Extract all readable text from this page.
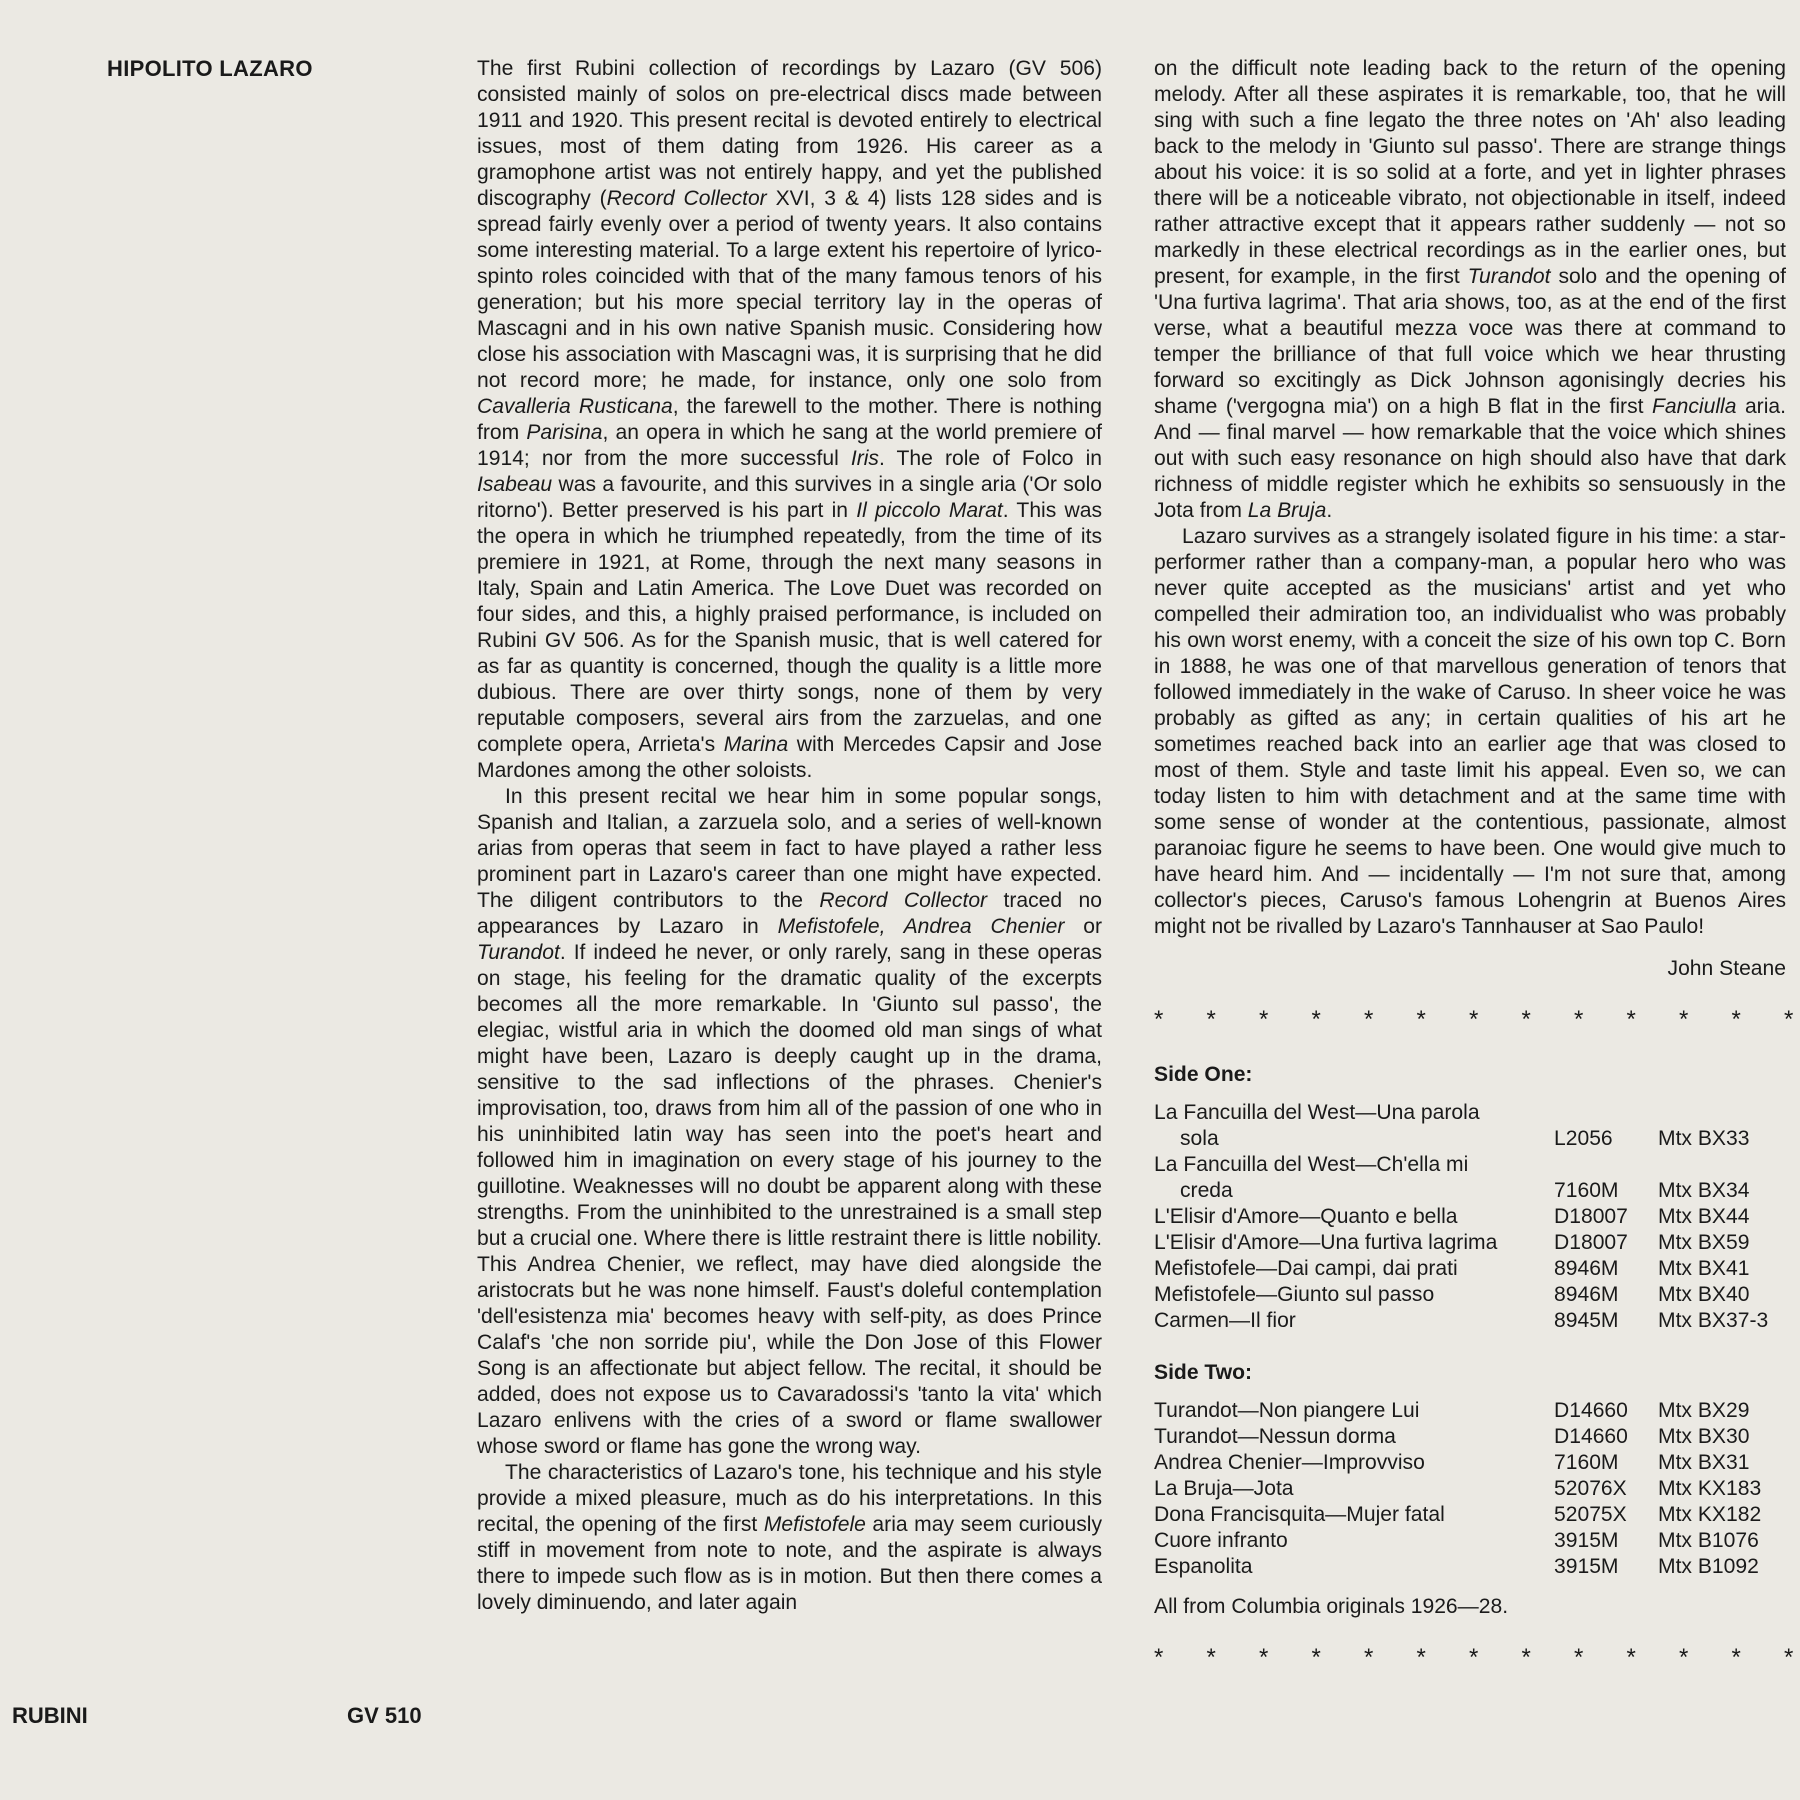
HIPOLITO LAZARO
RUBINI	GV 510

The first Rubini collection of recordings by Lazaro (GV 506) consisted mainly of solos on pre-electrical discs made between 1911 and 1920. This present recital is devoted entirely to electrical issues, most of them dating from 1926. His career as a gramophone artist was not entirely happy, and yet the published discography (Record Collector XVI, 3 & 4) lists 128 sides and is spread fairly evenly over a period of twenty years. It also contains some interesting material. To a large extent his repertoire of lyrico-spinto roles coincided with that of the many famous tenors of his generation; but his more special territory lay in the operas of Mascagni and in his own native Spanish music. Considering how close his association with Mascagni was, it is surprising that he did not record more; he made, for instance, only one solo from Cavalleria Rusticana, the farewell to the mother. There is nothing from Parisina, an opera in which he sang at the world premiere of 1914; nor from the more successful Iris. The role of Folco in Isabeau was a favourite, and this survives in a single aria ('Or solo ritorno'). Better preserved is his part in Il piccolo Marat. This was the opera in which he triumphed repeatedly, from the time of its premiere in 1921, at Rome, through the next many seasons in Italy, Spain and Latin America. The Love Duet was recorded on four sides, and this, a highly praised performance, is included on Rubini GV 506. As for the Spanish music, that is well catered for as far as quantity is concerned, though the quality is a little more dubious. There are over thirty songs, none of them by very reputable composers, several airs from the zarzuelas, and one complete opera, Arrieta's Marina with Mercedes Capsir and Jose Mardones among the other soloists.

In this present recital we hear him in some popular songs, Spanish and Italian, a zarzuela solo, and a series of well-known arias from operas that seem in fact to have played a rather less prominent part in Lazaro's career than one might have expected. The diligent contributors to the Record Collector traced no appearances by Lazaro in Mefistofele, Andrea Chenier or Turandot. If indeed he never, or only rarely, sang in these operas on stage, his feeling for the dramatic quality of the excerpts becomes all the more remarkable. In 'Giunto sul passo', the elegiac, wistful aria in which the doomed old man sings of what might have been, Lazaro is deeply caught up in the drama, sensitive to the sad inflections of the phrases. Chenier's improvisation, too, draws from him all of the passion of one who in his uninhibited latin way has seen into the poet's heart and followed him in imagination on every stage of his journey to the guillotine. Weaknesses will no doubt be apparent along with these strengths. From the uninhibited to the unrestrained is a small step but a crucial one. Where there is little restraint there is little nobility. This Andrea Chenier, we reflect, may have died alongside the aristocrats but he was none himself. Faust's doleful contemplation 'dell'esistenza mia' becomes heavy with self-pity, as does Prince Calaf's 'che non sorride piu', while the Don Jose of this Flower Song is an affectionate but abject fellow. The recital, it should be added, does not expose us to Cavaradossi's 'tanto la vita' which Lazaro enlivens with the cries of a sword or flame swallower whose sword or flame has gone the wrong way.

The characteristics of Lazaro's tone, his technique and his style provide a mixed pleasure, much as do his interpretations. In this recital, the opening of the first Mefistofele aria may seem curiously stiff in movement from note to note, and the aspirate is always there to impede such flow as is in motion. But then there comes a lovely diminuendo, and later again

on the difficult note leading back to the return of the opening melody. After all these aspirates it is remarkable, too, that he will sing with such a fine legato the three notes on 'Ah' also leading back to the melody in 'Giunto sul passo'. There are strange things about his voice: it is so solid at a forte, and yet in lighter phrases there will be a noticeable vibrato, not objectionable in itself, indeed rather attractive except that it appears rather suddenly — not so markedly in these electrical recordings as in the earlier ones, but present, for example, in the first Turandot solo and the opening of 'Una furtiva lagrima'. That aria shows, too, as at the end of the first verse, what a beautiful mezza voce was there at command to temper the brilliance of that full voice which we hear thrusting forward so excitingly as Dick Johnson agonisingly decries his shame ('vergogna mia') on a high B flat in the first Fanciulla aria. And — final marvel — how remarkable that the voice which shines out with such easy resonance on high should also have that dark richness of middle register which he exhibits so sensuously in the Jota from La Bruja.

Lazaro survives as a strangely isolated figure in his time: a star-performer rather than a company-man, a popular hero who was never quite accepted as the musicians' artist and yet who compelled their admiration too, an individualist who was probably his own worst enemy, with a conceit the size of his own top C. Born in 1888, he was one of that marvellous generation of tenors that followed immediately in the wake of Caruso. In sheer voice he was probably as gifted as any; in certain qualities of his art he sometimes reached back into an earlier age that was closed to most of them. Style and taste limit his appeal. Even so, we can today listen to him with detachment and at the same time with some sense of wonder at the contentious, passionate, almost paranoiac figure he seems to have been. One would give much to have heard him. And — incidentally — I'm not sure that, among collector's pieces, Caruso's famous Lohengrin at Buenos Aires might not be rivalled by Lazaro's Tannhauser at Sao Paulo!

John Steane

* * * * * * * * * * * * *

Side One:

La Fancuilla del West—Una parola
sola	L2056	Mtx BX33
La Fancuilla del West—Ch'ella mi
creda	7160M	Mtx BX34
L'Elisir d'Amore—Quanto e bella	D18007	Mtx BX44
L'Elisir d'Amore—Una furtiva lagrima	D18007	Mtx BX59
Mefistofele—Dai campi, dai prati	8946M	Mtx BX41
Mefistofele—Giunto sul passo	8946M	Mtx BX40
Carmen—Il fior	8945M	Mtx BX37-3

Side Two:

Turandot—Non piangere Lui	D14660	Mtx BX29
Turandot—Nessun dorma	D14660	Mtx BX30
Andrea Chenier—Improvviso	7160M	Mtx BX31
La Bruja—Jota	52076X	Mtx KX183
Dona Francisquita—Mujer fatal	52075X	Mtx KX182
Cuore infranto	3915M	Mtx B1076
Espanolita	3915M	Mtx B1092

All from Columbia originals 1926—28.

* * * * * * * * * * * * *
